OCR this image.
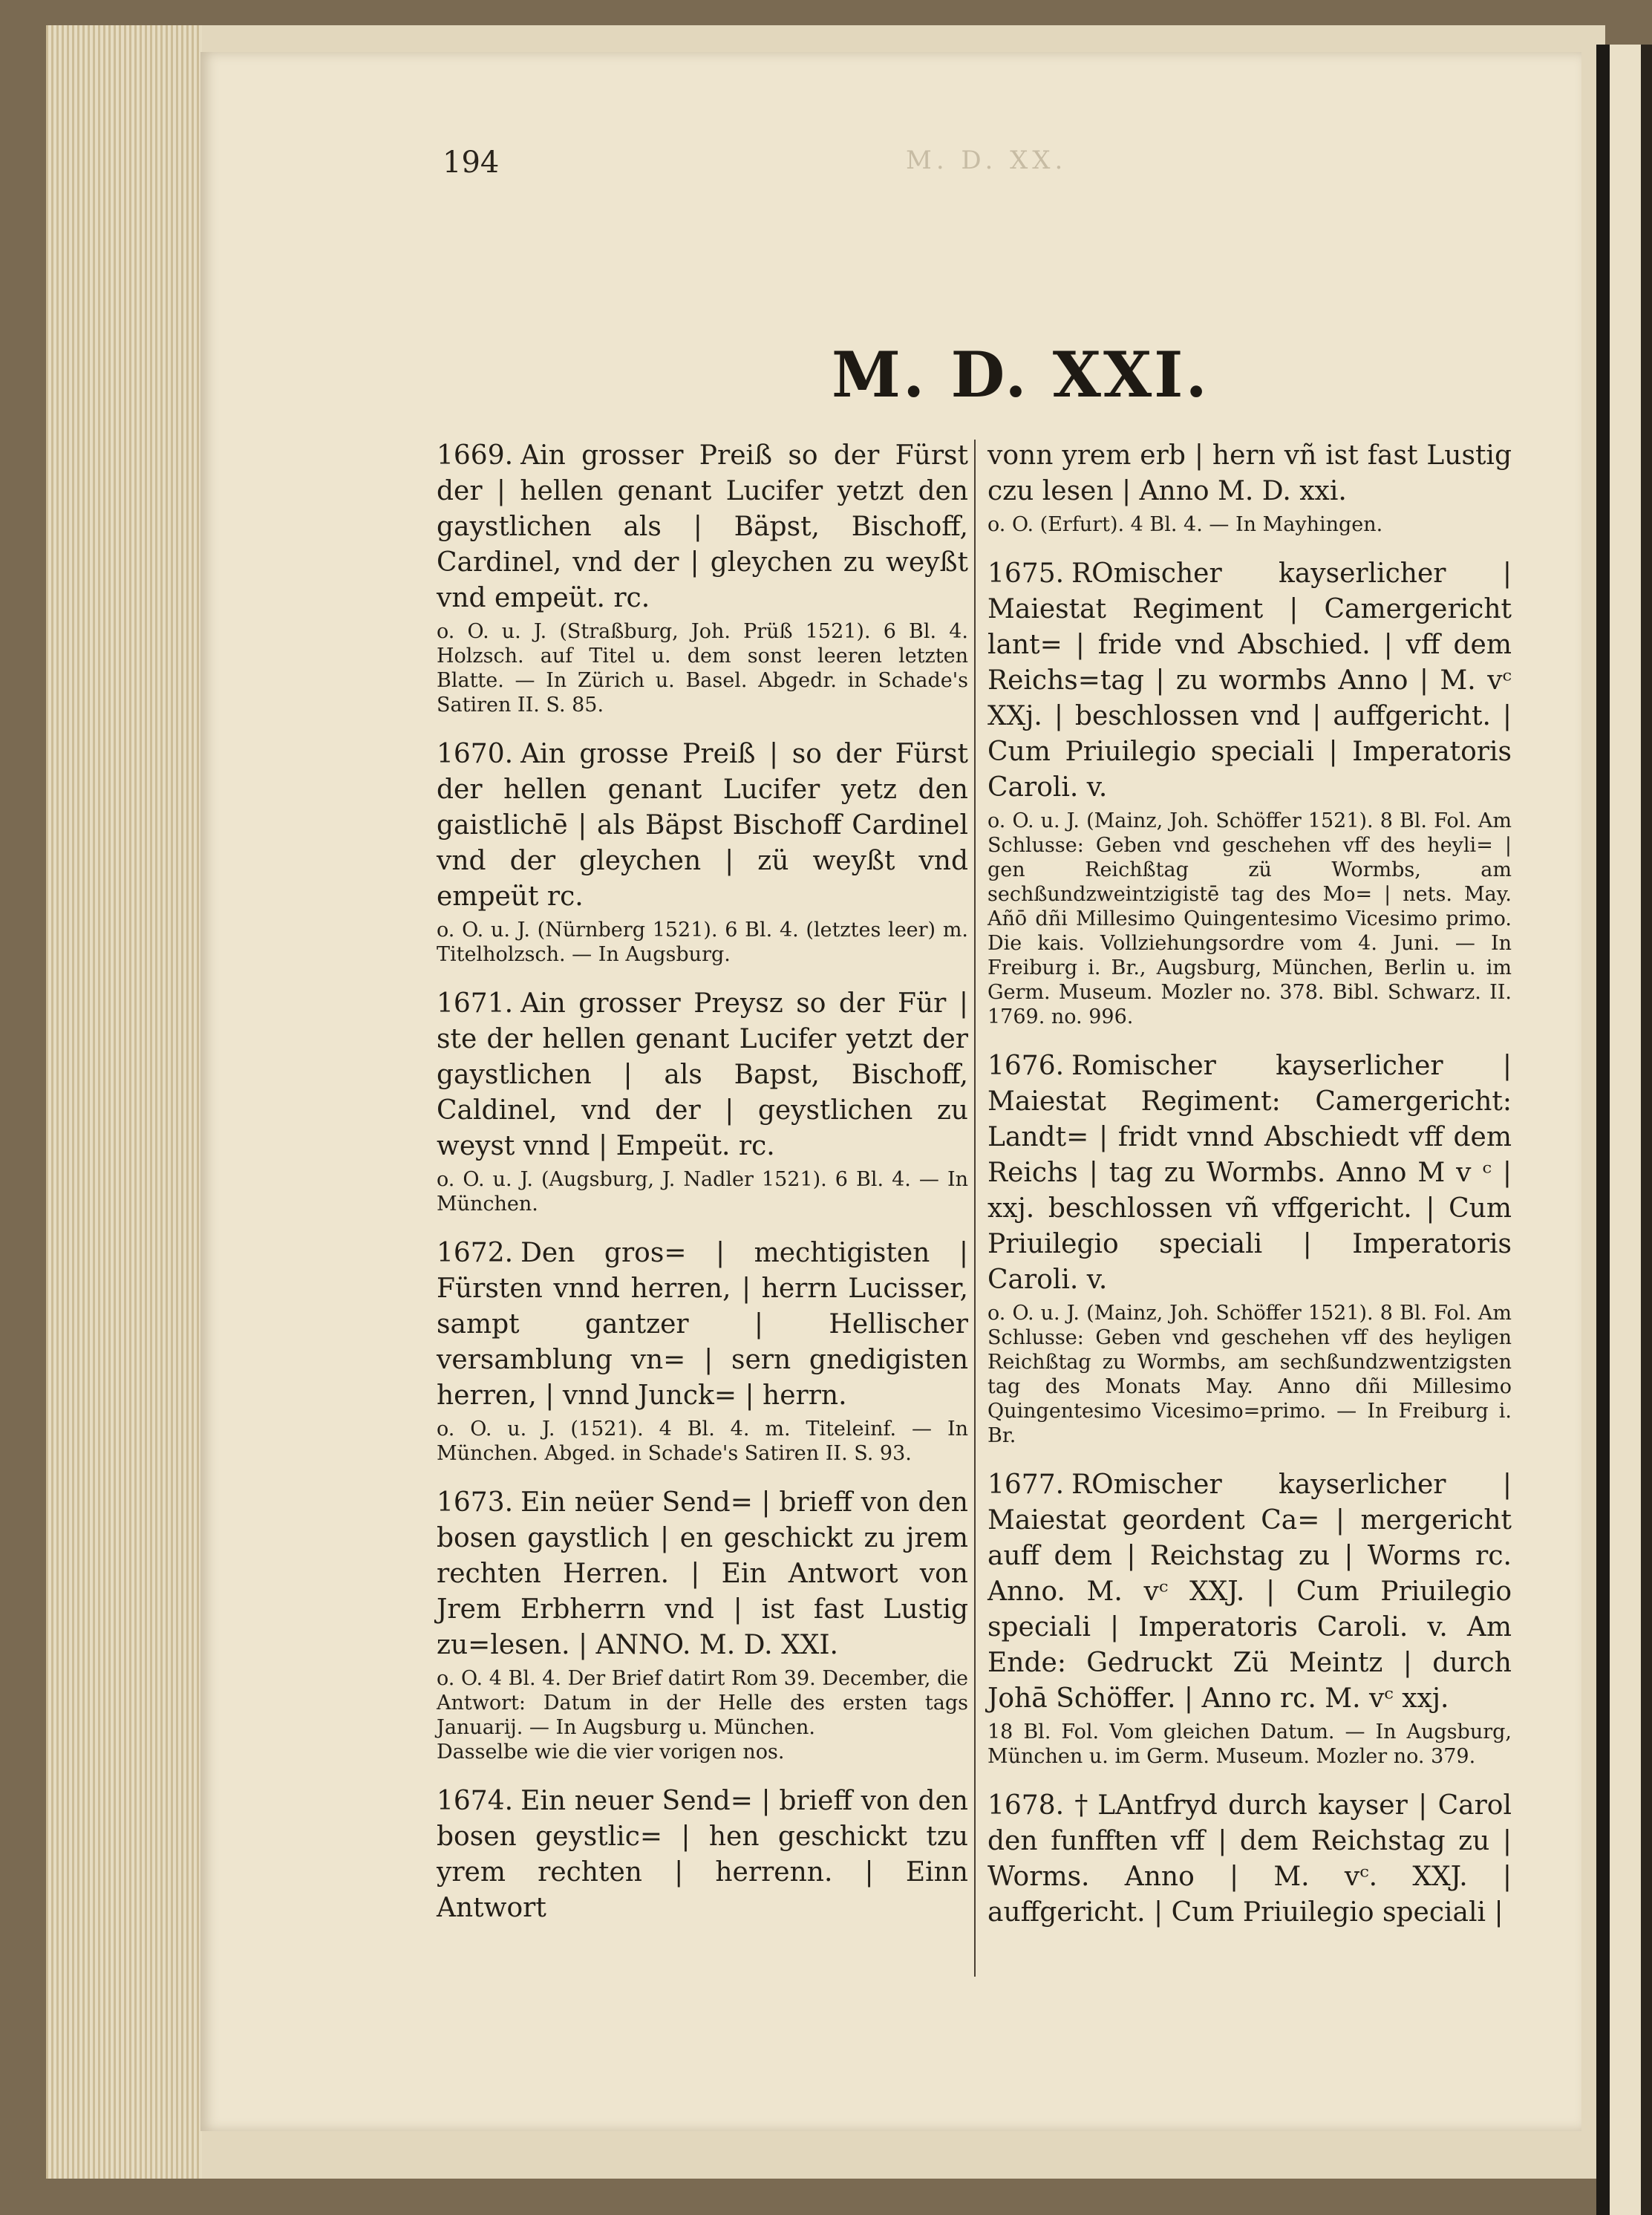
194	M. D. XX.
M. D. XXI.
1669. Ain grosser Preiß so der Fürst der | hellen genant Lucifer yetzt den gaystlichen als | Bäpst, Bischoff, Cardinel, vnd der | gleychen zu weyßt vnd empeüt. rc.

o. O. u. J. (Straßburg, Joh. Prüß 1521). 6 Bl. 4. Holzsch. auf Titel u. dem sonst leeren letzten Blatte. — In Zürich u. Basel. Abgedr. in Schade's Satiren II. S. 85.

1670. Ain grosse Preiß | so der Fürst der hellen genant Lucifer yetz den gaistlichē | als Bäpst Bischoff Cardinel vnd der gleychen | zü weyßt vnd empeüt rc.

o. O. u. J. (Nürnberg 1521). 6 Bl. 4. (letztes leer) m. Titelholzsch. — In Augsburg.

1671. Ain grosser Preysz so der Für | ste der hellen genant Lucifer yetzt der gaystlichen | als Bapst, Bischoff, Caldinel, vnd der | geystlichen zu weyst vnnd | Empeüt. rc.

o. O. u. J. (Augsburg, J. Nadler 1521). 6 Bl. 4. — In München.

1672. Den gros= | mechtigisten | Fürsten vnnd herren, | herrn Lucisser, sampt gantzer | Hellischer versamblung vn= | sern gnedigisten herren, | vnnd Junck= | herrn.

o. O. u. J. (1521). 4 Bl. 4. m. Titeleinf. — In München. Abged. in Schade's Satiren II. S. 93.

1673. Ein neüer Send= | brieff von den bosen gaystlich | en geschickt zu jrem rechten Herren. | Ein Antwort von Jrem Erbherrn vnd | ist fast Lustig zu=lesen. | ANNO. M. D. XXI.

o. O. 4 Bl. 4. Der Brief datirt Rom 39. December, die Antwort: Datum in der Helle des ersten tags Januarij. — In Augsburg u. München.

Dasselbe wie die vier vorigen nos.

1674. Ein neuer Send= | brieff von den bosen geystlic= | hen geschickt tzu yrem rechten | herrenn. | Einn Antwort
vonn yrem erb | hern vñ ist fast Lustig czu lesen | Anno M. D. xxi.

o. O. (Erfurt). 4 Bl. 4. — In Mayhingen.

1675. ROmischer kayserlicher | Maiestat Regiment | Camergericht lant= | fride vnd Abschied. | vff dem Reichs=tag | zu wormbs Anno | M. vᶜ XXj. | beschlossen vnd | auffgericht. | Cum Priuilegio speciali | Imperatoris Caroli. v.

o. O. u. J. (Mainz, Joh. Schöffer 1521). 8 Bl. Fol. Am Schlusse: Geben vnd geschehen vff des heyli= | gen Reichßtag zü Wormbs, am sechßundzweintzigistē tag des Mo= | nets. May. Añō dñi Millesimo Quingentesimo Vicesimo primo. Die kais. Vollziehungsordre vom 4. Juni. — In Freiburg i. Br., Augsburg, München, Berlin u. im Germ. Museum. Mozler no. 378. Bibl. Schwarz. II. 1769. no. 996.

1676. Romischer kayserlicher | Maiestat Regiment: Camergericht: Landt= | fridt vnnd Abschiedt vff dem Reichs | tag zu Wormbs. Anno M v ᶜ | xxj. beschlossen vñ vffgericht. | Cum Priuilegio speciali | Imperatoris Caroli. v.

o. O. u. J. (Mainz, Joh. Schöffer 1521). 8 Bl. Fol. Am Schlusse: Geben vnd geschehen vff des heyligen Reichßtag zu Wormbs, am sechßundzwentzigsten tag des Monats May. Anno dñi Millesimo Quingentesimo Vicesimo=primo. — In Freiburg i. Br.

1677. ROmischer kayserlicher | Maiestat geordent Ca= | mergericht auff dem | Reichstag zu | Worms rc. Anno. M. vᶜ XXJ. | Cum Priuilegio speciali | Imperatoris Caroli. v. Am Ende: Gedruckt Zü Meintz | durch Johā Schöffer. | Anno rc. M. vᶜ xxj.

18 Bl. Fol. Vom gleichen Datum. — In Augsburg, München u. im Germ. Museum. Mozler no. 379.

1678. † LAntfryd durch kayser | Carol den funfften vff | dem Reichstag zu | Worms. Anno | M. vᶜ. XXJ. | auffgericht. | Cum Priuilegio speciali |
